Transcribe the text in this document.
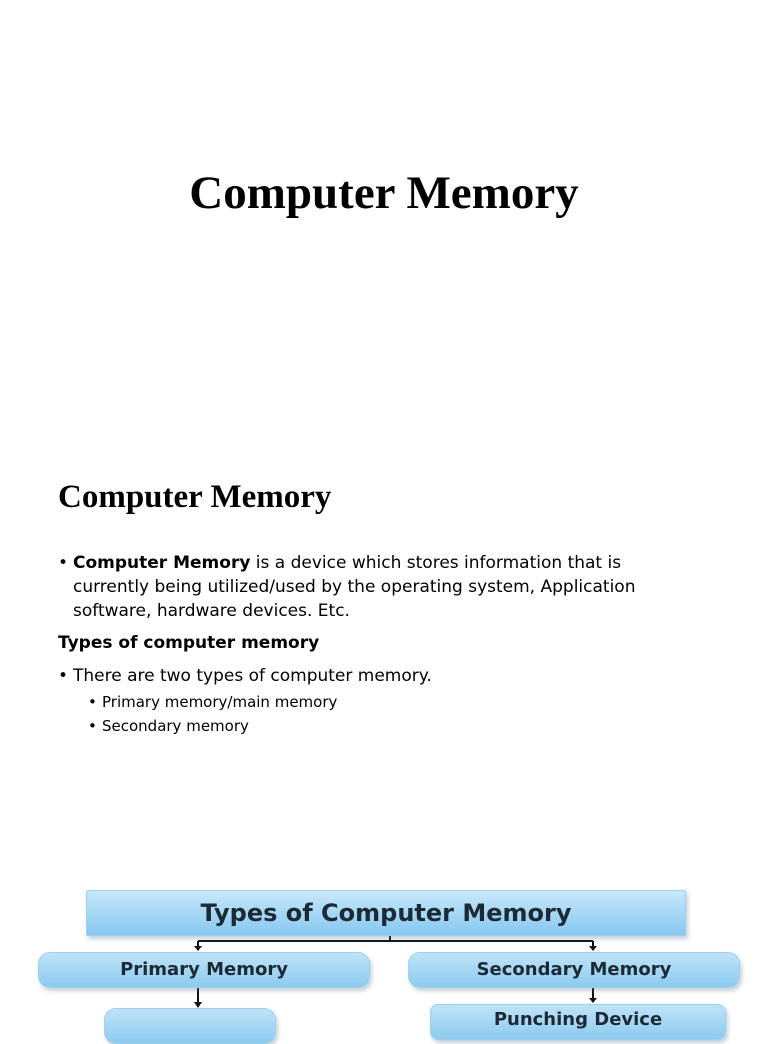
Computer Memory
Computer Memory
• Computer Memory is a device which stores information that is
currently being utilized/used by the operating system, Application
software, hardware devices. Etc.
Types of computer memory
• There are two types of computer memory.
• Primary memory/main memory
• Secondary memory
Types of Computer Memory
Primary Memory	Secondary Memory
Punching Device
